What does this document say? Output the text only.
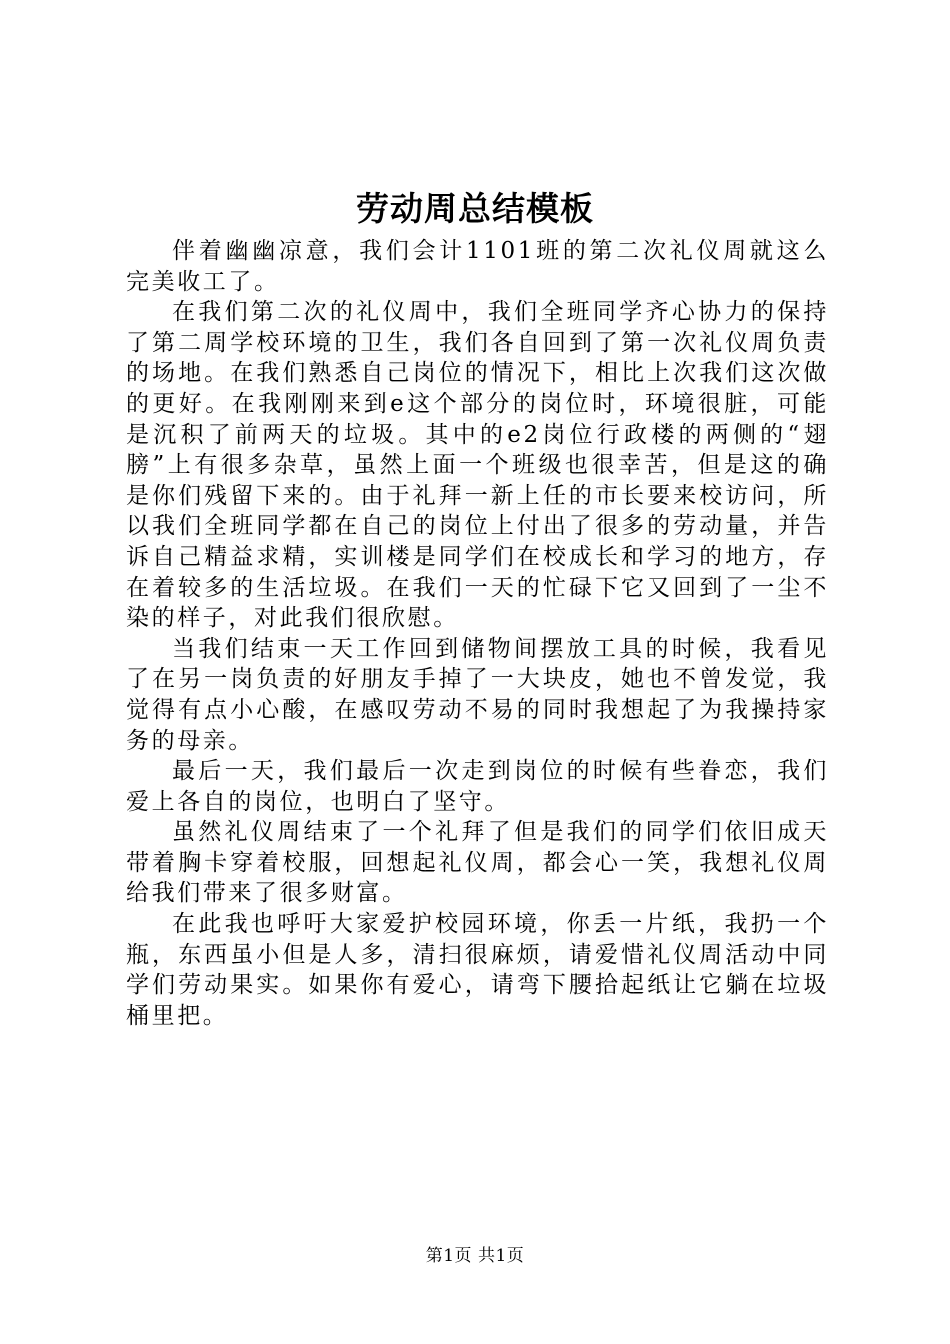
劳动周总结模板

伴着幽幽凉意，我们会计1101班的第二次礼仪周就这么完美收工了。

在我们第二次的礼仪周中，我们全班同学齐心协力的保持了第二周学校环境的卫生，我们各自回到了第一次礼仪周负责的场地。在我们熟悉自己岗位的情况下，相比上次我们这次做的更好。在我刚刚来到e这个部分的岗位时，环境很脏，可能是沉积了前两天的垃圾。其中的e2岗位行政楼的两侧的“翅膀”上有很多杂草，虽然上面一个班级也很幸苦，但是这的确是你们残留下来的。由于礼拜一新上任的市长要来校访问，所以我们全班同学都在自己的岗位上付出了很多的劳动量，并告诉自己精益求精，实训楼是同学们在校成长和学习的地方，存在着较多的生活垃圾。在我们一天的忙碌下它又回到了一尘不染的样子，对此我们很欣慰。

当我们结束一天工作回到储物间摆放工具的时候，我看见了在另一岗负责的好朋友手掉了一大块皮，她也不曾发觉，我觉得有点小心酸，在感叹劳动不易的同时我想起了为我操持家务的母亲。

最后一天，我们最后一次走到岗位的时候有些眷恋，我们爱上各自的岗位，也明白了坚守。

虽然礼仪周结束了一个礼拜了但是我们的同学们依旧成天带着胸卡穿着校服，回想起礼仪周，都会心一笑，我想礼仪周给我们带来了很多财富。

在此我也呼吁大家爱护校园环境，你丢一片纸，我扔一个瓶，东西虽小但是人多，清扫很麻烦，请爱惜礼仪周活动中同学们劳动果实。如果你有爱心，请弯下腰拾起纸让它躺在垃圾桶里把。

第1页 共1页
